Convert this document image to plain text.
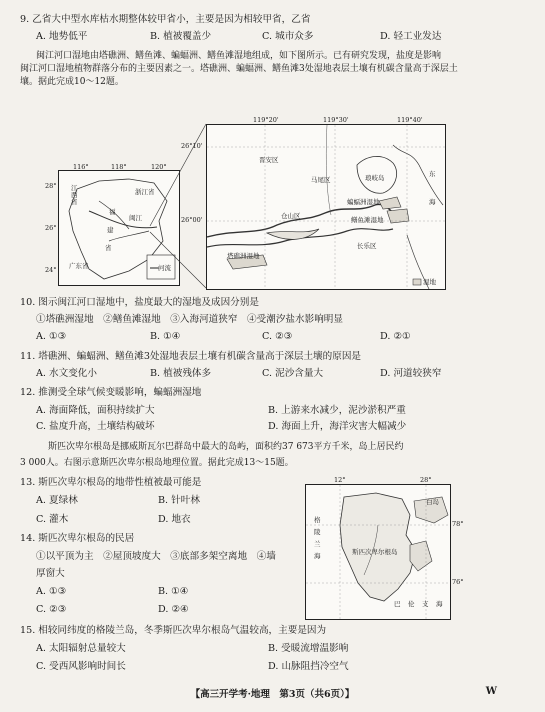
9. 乙省大中型水库枯水期整体较甲省小，主要是因为相较甲省，乙省
A. 地势低平	B. 植被覆盖少	C. 城市众多	D. 轻工业发达
闽江河口湿地由塔礁洲、鳝鱼滩、蝙蝠洲、鳝鱼滩湿地组成，如下图所示。已有研究发现，盐度是影响
闽江河口湿地植物群落分布的主要因素之一。塔礁洲、蝙蝠洲、鳝鱼滩3处湿地表层土壤有机碳含量高于深层土
壤。据此完成10～12题。
116°	118°	120°
28°
26°
24°
江西省
福
建
省
浙江省
广东省
闽江
河流
119°20'	119°30'	119°40'
26°10'
26°00'
晋安区
马尾区	琅岐岛
仓山区
蝙蝠洲湿地
鳝鱼滩湿地
长乐区
塔礁洲湿地
东
海
湿地
10. 图示闽江河口湿地中，盐度最大的湿地及成因分别是
①塔礁洲湿地　②鳝鱼滩湿地　③入海河道狭窄　④受潮汐盐水影响明显
A. ①③	B. ①④	C. ②③	D. ②①
11. 塔礁洲、蝙蝠洲、鳝鱼滩3处湿地表层土壤有机碳含量高于深层土壤的原因是
A. 水文变化小	B. 植被残体多	C. 泥沙含量大	D. 河道较狭窄
12. 推测受全球气候变暖影响，蝙蝠洲湿地
A. 海面降低，面积持续扩大	B. 上游来水减少，泥沙淤积严重
C. 盐度升高，土壤结构破坏	D. 海面上升，海洋灾害大幅减少
斯匹次卑尔根岛是挪威斯瓦尔巴群岛中最大的岛屿，面积约37 673平方千米，岛上居民约
3 000人。右图示意斯匹次卑尔根岛地理位置。据此完成13～15题。
13. 斯匹次卑尔根岛的地带性植被最可能是
A. 夏绿林	B. 针叶林
C. 灌木	D. 地衣
14. 斯匹次卑尔根岛的民居
①以平顶为主　②屋顶坡度大　③底部多架空离地　④墙
厚窗大
A. ①③	B. ①④
C. ②③	D. ②④
12°	28°
78°
76°
白岛
格
陵
兰
海	斯匹次卑尔根岛
巴 伦 支 海
15. 相较同纬度的格陵兰岛，冬季斯匹次卑尔根岛气温较高，主要是因为
A. 太阳辐射总量较大	B. 受暖流增温影响
C. 受西风影响时间长	D. 山脉阻挡冷空气
【高三开学考·地理　第3页（共6页）】	W
